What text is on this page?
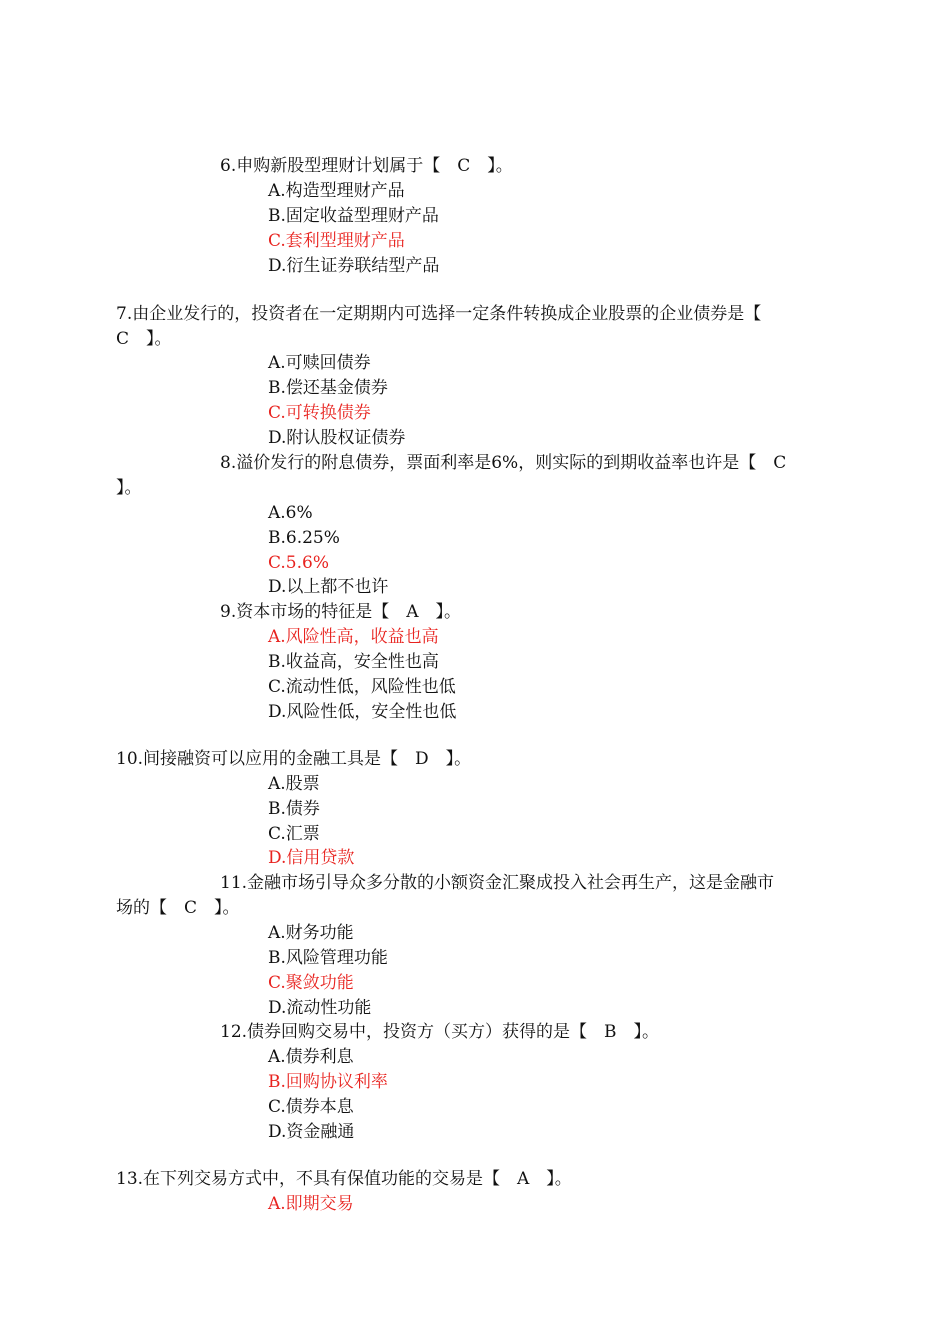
6.申购新股型理财计划属于【　C　】。
A.构造型理财产品
B.固定收益型理财产品
C.套利型理财产品
D.衍生证券联结型产品
7.由企业发行的，投资者在一定期期内可选择一定条件转换成企业股票的企业债券是【
C　】。
A.可赎回债券
B.偿还基金债券
C.可转换债券
D.附认股权证债券
8.溢价发行的附息债券，票面利率是6%，则实际的到期收益率也许是【　C
】。
A.6%
B.6.25%
C.5.6%
D.以上都不也许
9.资本市场的特征是【　A　】。
A.风险性高，收益也高
B.收益高，安全性也高
C.流动性低，风险性也低
D.风险性低，安全性也低
10.间接融资可以应用的金融工具是【　D　】。
A.股票
B.债券
C.汇票
D.信用贷款
11.金融市场引导众多分散的小额资金汇聚成投入社会再生产，这是金融市
场的【　C　】。
A.财务功能
B.风险管理功能
C.聚敛功能
D.流动性功能
12.债券回购交易中，投资方（买方）获得的是【　B　】。
A.债券利息
B.回购协议利率
C.债券本息
D.资金融通
13.在下列交易方式中，不具有保值功能的交易是【　A　】。
A.即期交易
